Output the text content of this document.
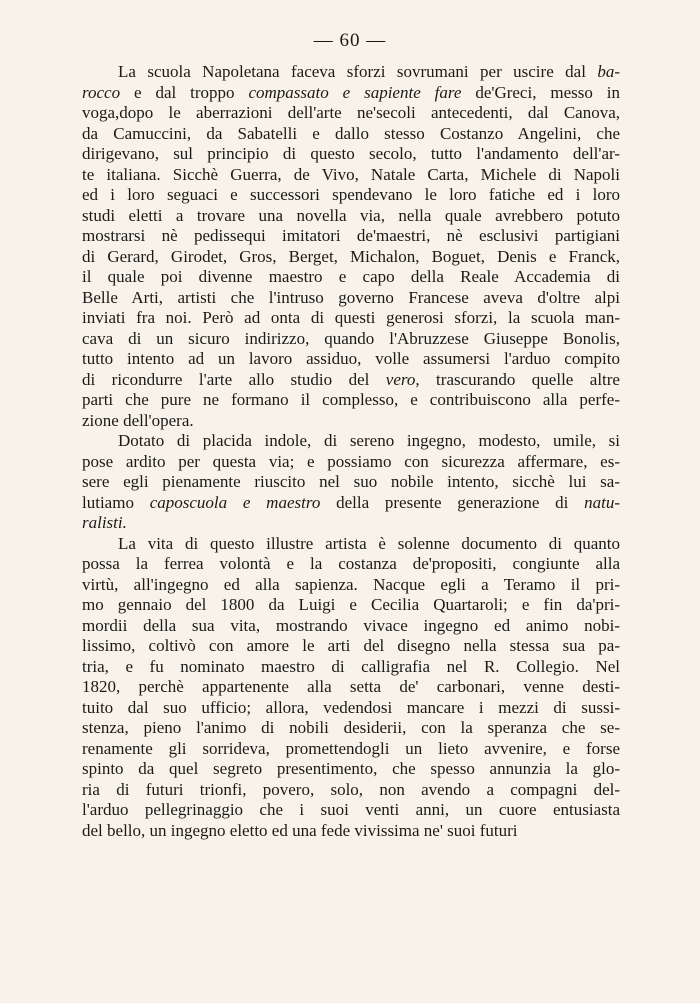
— 60 —
La scuola Napoletana faceva sforzi sovrumani per uscire dal ba-
rocco e dal troppo compassato e sapiente fare de'Greci, messo in
voga,dopo le aberrazioni dell'arte ne'secoli antecedenti, dal Canova,
da Camuccini, da Sabatelli e dallo stesso Costanzo Angelini, che
dirigevano, sul principio di questo secolo, tutto l'andamento dell'ar-
te italiana. Sicchè Guerra, de Vivo, Natale Carta, Michele di Napoli
ed i loro seguaci e successori spendevano le loro fatiche ed i loro
studi eletti a trovare una novella via, nella quale avrebbero potuto
mostrarsi nè pedissequi imitatori de'maestri, nè esclusivi partigiani
di Gerard, Girodet, Gros, Berget, Michalon, Boguet, Denis e Franck,
il quale poi divenne maestro e capo della Reale Accademia di
Belle Arti, artisti che l'intruso governo Francese aveva d'oltre alpi
inviati fra noi. Però ad onta di questi generosi sforzi, la scuola man-
cava di un sicuro indirizzo, quando l'Abruzzese Giuseppe Bonolis,
tutto intento ad un lavoro assiduo, volle assumersi l'arduo compito
di ricondurre l'arte allo studio del vero, trascurando quelle altre
parti che pure ne formano il complesso, e contribuiscono alla perfe-
zione dell'opera.
Dotato di placida indole, di sereno ingegno, modesto, umile, si
pose ardito per questa via; e possiamo con sicurezza affermare, es-
sere egli pienamente riuscito nel suo nobile intento, sicchè lui sa-
lutiamo caposcuola e maestro della presente generazione di natu-
ralisti.
La vita di questo illustre artista è solenne documento di quanto
possa la ferrea volontà e la costanza de'propositi, congiunte alla
virtù, all'ingegno ed alla sapienza. Nacque egli a Teramo il pri-
mo gennaio del 1800 da Luigi e Cecilia Quartaroli; e fin da'pri-
mordii della sua vita, mostrando vivace ingegno ed animo nobi-
lissimo, coltivò con amore le arti del disegno nella stessa sua pa-
tria, e fu nominato maestro di calligrafia nel R. Collegio. Nel
1820, perchè appartenente alla setta de' carbonari, venne desti-
tuito dal suo ufficio; allora, vedendosi mancare i mezzi di sussi-
stenza, pieno l'animo di nobili desiderii, con la speranza che se-
renamente gli sorrideva, promettendogli un lieto avvenire, e forse
spinto da quel segreto presentimento, che spesso annunzia la glo-
ria di futuri trionfi, povero, solo, non avendo a compagni del-
l'arduo pellegrinaggio che i suoi venti anni, un cuore entusiasta
del bello, un ingegno eletto ed una fede vivissima ne' suoi futuri
